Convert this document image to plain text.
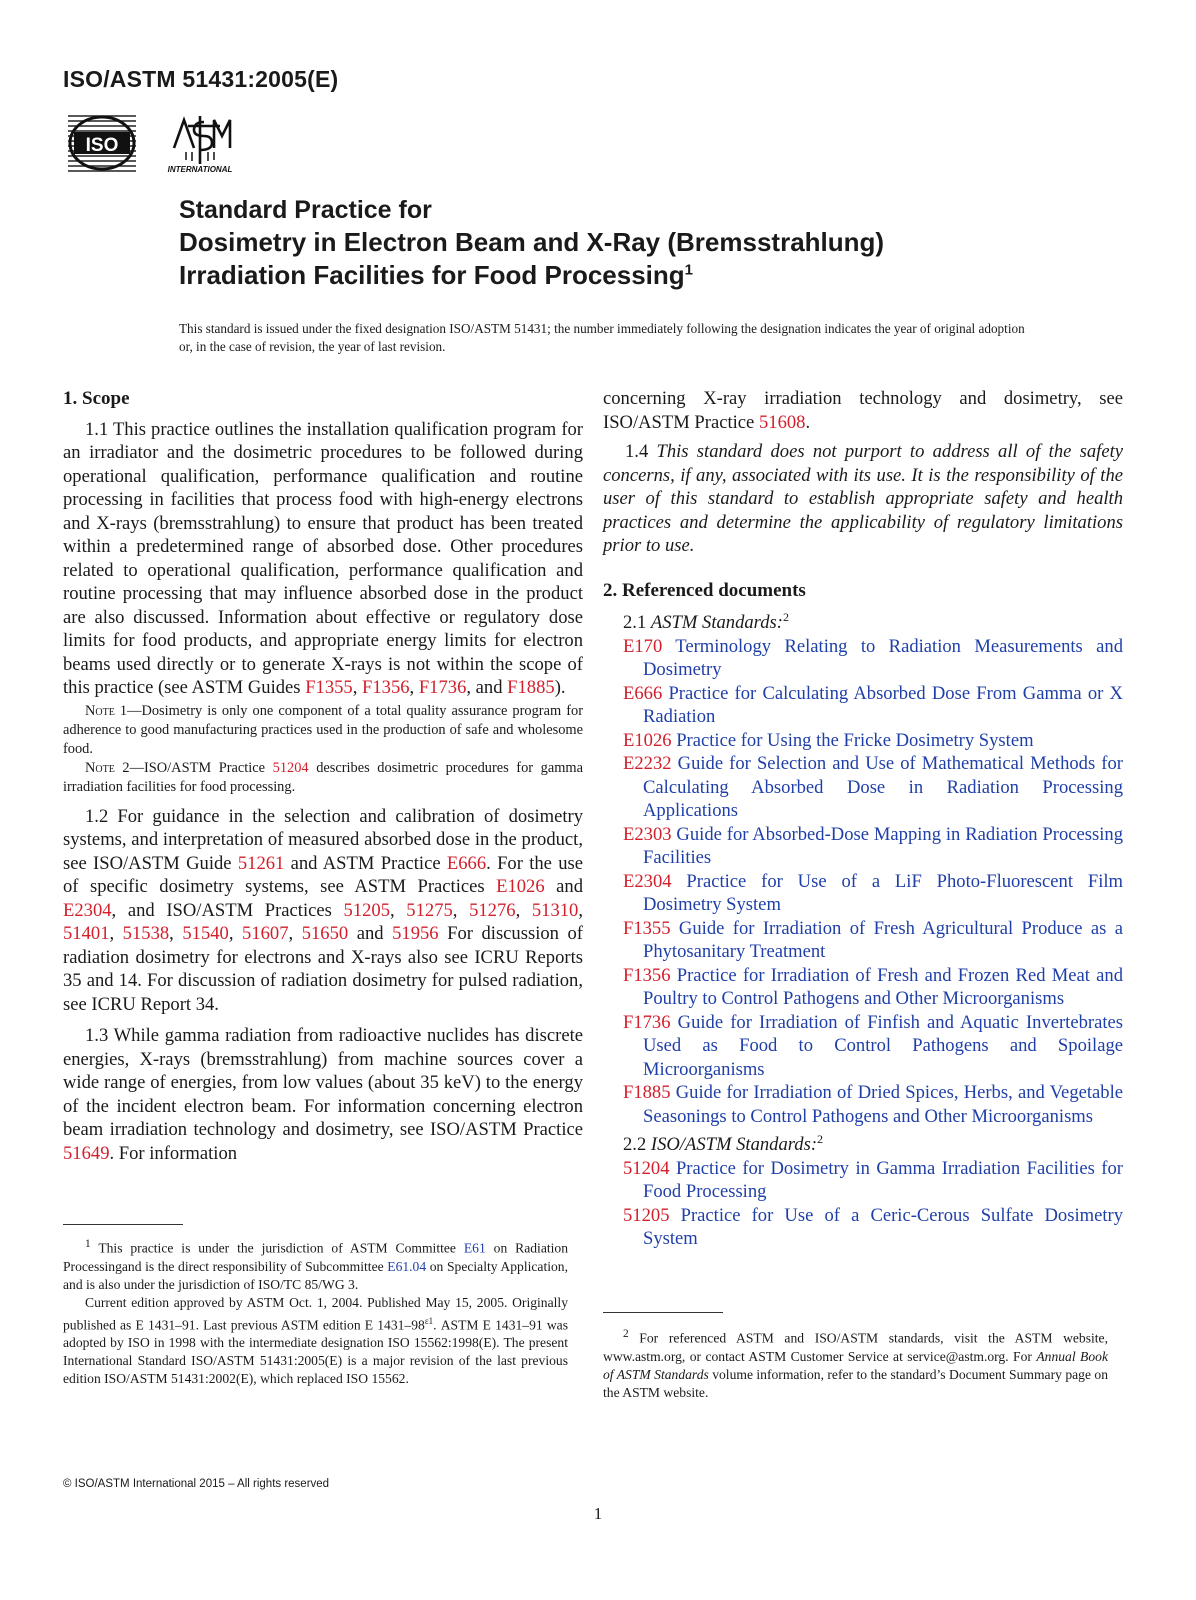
ISO/ASTM 51431:2005(E)
ISO
INTERNATIONAL
Standard Practice for
Dosimetry in Electron Beam and X-Ray (Bremsstrahlung)
Irradiation Facilities for Food Processing$^1$
This standard is issued under the fixed designation ISO/ASTM 51431; the number immediately following the designation indicates the year of original adoption or, in the case of revision, the year of last revision.
1. Scope

1.1 This practice outlines the installation qualification program for an irradiator and the dosimetric procedures to be followed during operational qualification, performance qualification and routine processing in facilities that process food with high-energy electrons and X-rays (bremsstrahlung) to ensure that product has been treated within a predetermined range of absorbed dose. Other procedures related to operational qualification, performance qualification and routine processing that may influence absorbed dose in the product are also discussed. Information about effective or regulatory dose limits for food products, and appropriate energy limits for electron beams used directly or to generate X-rays is not within the scope of this practice (see ASTM Guides F1355, F1356, F1736, and F1885).

Note 1—Dosimetry is only one component of a total quality assurance program for adherence to good manufacturing practices used in the production of safe and wholesome food.

Note 2—ISO/ASTM Practice 51204 describes dosimetric procedures for gamma irradiation facilities for food processing.

1.2 For guidance in the selection and calibration of dosimetry systems, and interpretation of measured absorbed dose in the product, see ISO/ASTM Guide 51261 and ASTM Practice E666. For the use of specific dosimetry systems, see ASTM Practices E1026 and E2304, and ISO/ASTM Practices 51205, 51275, 51276, 51310, 51401, 51538, 51540, 51607, 51650 and 51956 For discussion of radiation dosimetry for electrons and X-rays also see ICRU Reports 35 and 14. For discussion of radiation dosimetry for pulsed radiation, see ICRU Report 34.

1.3 While gamma radiation from radioactive nuclides has discrete energies, X-rays (bremsstrahlung) from machine sources cover a wide range of energies, from low values (about 35 keV) to the energy of the incident electron beam. For information concerning electron beam irradiation technology and dosimetry, see ISO/ASTM Practice 51649. For information

$^1$ This practice is under the jurisdiction of ASTM Committee E61 on Radiation Processingand is the direct responsibility of Subcommittee E61.04 on Specialty Application, and is also under the jurisdiction of ISO/TC 85/WG 3.

Current edition approved by ASTM Oct. 1, 2004. Published May 15, 2005. Originally published as E 1431–91. Last previous ASTM edition E $1431-98^{\varepsilon 1}$. ASTM E 1431–91 was adopted by ISO in 1998 with the intermediate designation ISO 15562:1998(E). The present International Standard ISO/ASTM 51431:2005(E) is a major revision of the last previous edition ISO/ASTM 51431:2002(E), which replaced ISO 15562.

concerning X-ray irradiation technology and dosimetry, see ISO/ASTM Practice 51608.

1.4 This standard does not purport to address all of the safety concerns, if any, associated with its use. It is the responsibility of the user of this standard to establish appropriate safety and health practices and determine the applicability of regulatory limitations prior to use.

2. Referenced documents

2.1 ASTM Standards:$^2$

E170 Terminology Relating to Radiation Measurements and Dosimetry

E666 Practice for Calculating Absorbed Dose From Gamma or X Radiation

E1026 Practice for Using the Fricke Dosimetry System

E2232 Guide for Selection and Use of Mathematical Methods for Calculating Absorbed Dose in Radiation Processing Applications

E2303 Guide for Absorbed-Dose Mapping in Radiation Processing Facilities

E2304 Practice for Use of a LiF Photo-Fluorescent Film Dosimetry System

F1355 Guide for Irradiation of Fresh Agricultural Produce as a Phytosanitary Treatment

F1356 Practice for Irradiation of Fresh and Frozen Red Meat and Poultry to Control Pathogens and Other Microorganisms

F1736 Guide for Irradiation of Finfish and Aquatic Invertebrates Used as Food to Control Pathogens and Spoilage Microorganisms

F1885 Guide for Irradiation of Dried Spices, Herbs, and Vegetable Seasonings to Control Pathogens and Other Microorganisms

2.2 ISO/ASTM Standards:$^2$

51204 Practice for Dosimetry in Gamma Irradiation Facilities for Food Processing

51205 Practice for Use of a Ceric-Cerous Sulfate Dosimetry System

$^2$ For referenced ASTM and ISO/ASTM standards, visit the ASTM website, www.astm.org, or contact ASTM Customer Service at service@astm.org. For Annual Book of ASTM Standards volume information, refer to the standard’s Document Summary page on the ASTM website.

© ISO/ASTM International 2015 – All rights reserved
1
